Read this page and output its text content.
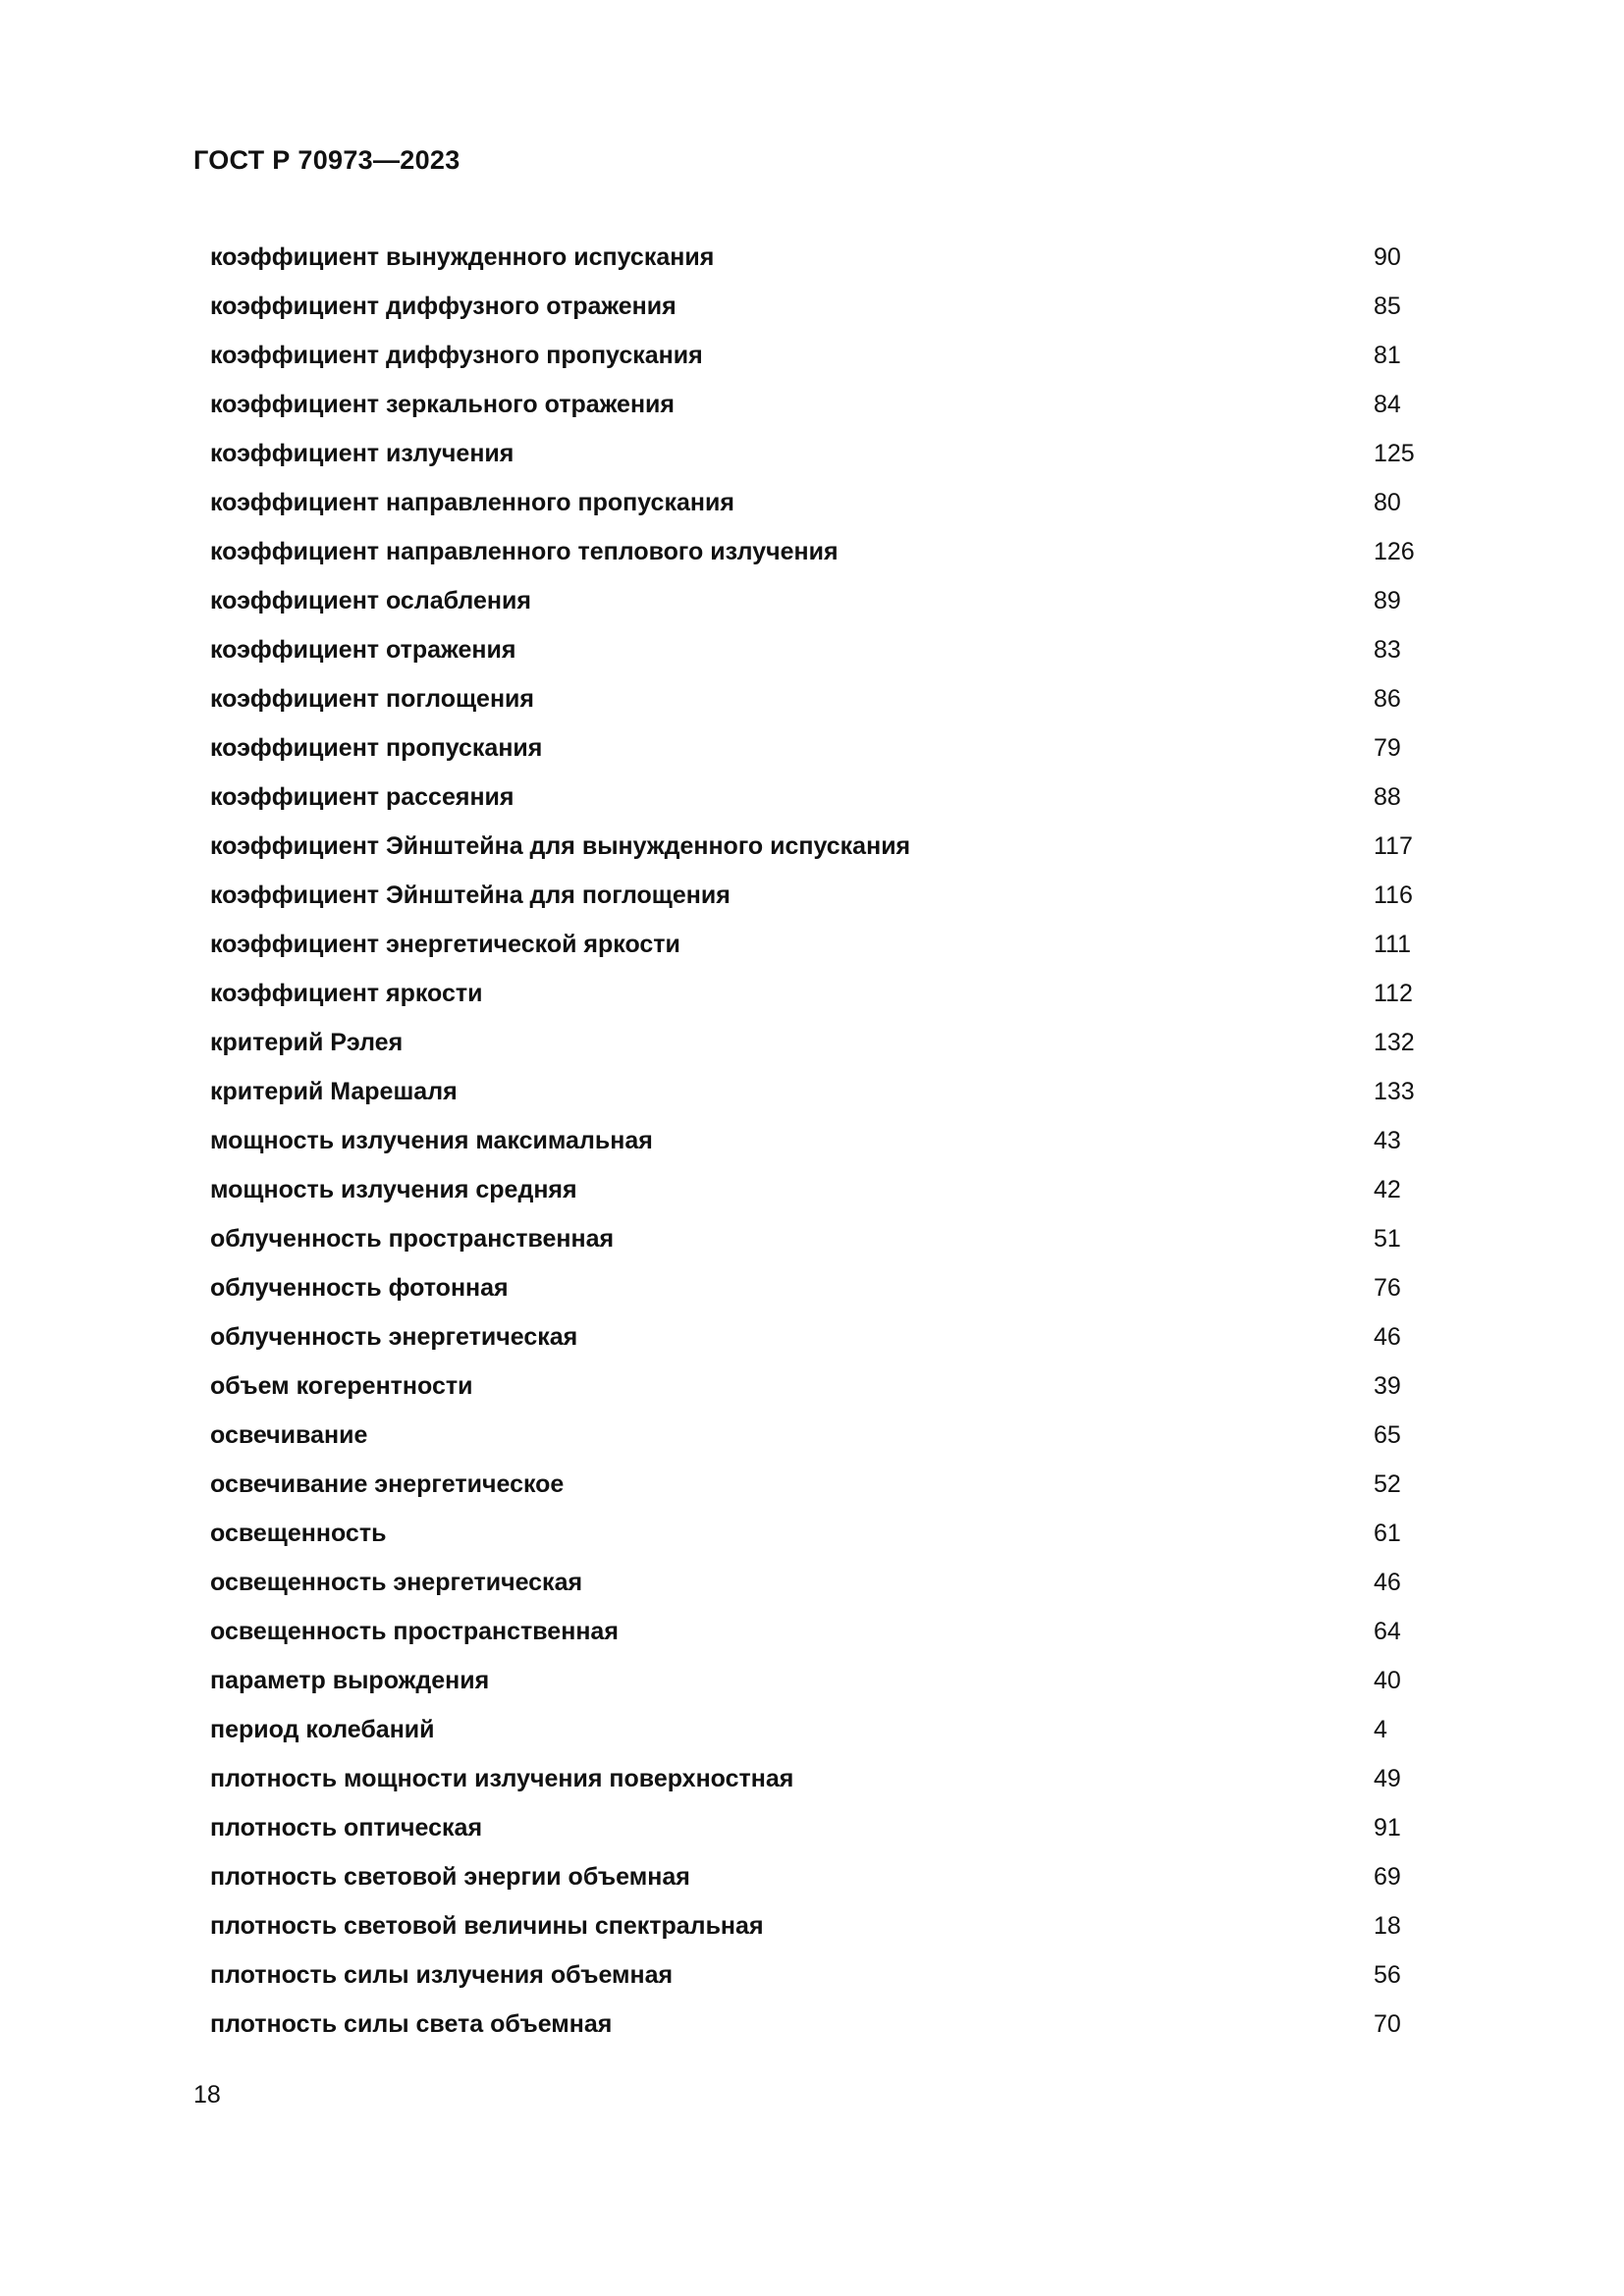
ГОСТ Р 70973—2023
коэффициент вынужденного испускания	90
коэффициент диффузного отражения	85
коэффициент диффузного пропускания	81
коэффициент зеркального отражения	84
коэффициент излучения	125
коэффициент направленного пропускания	80
коэффициент направленного теплового излучения	126
коэффициент ослабления	89
коэффициент отражения	83
коэффициент поглощения	86
коэффициент пропускания	79
коэффициент рассеяния	88
коэффициент Эйнштейна для вынужденного испускания	117
коэффициент Эйнштейна для поглощения	116
коэффициент энергетической яркости	111
коэффициент яркости	112
критерий Рэлея	132
критерий Марешаля	133
мощность излучения максимальная	43
мощность излучения средняя	42
облученность пространственная	51
облученность фотонная	76
облученность энергетическая	46
объем когерентности	39
освечивание	65
освечивание энергетическое	52
освещенность	61
освещенность энергетическая	46
освещенность пространственная	64
параметр вырождения	40
период колебаний	4
плотность мощности излучения поверхностная	49
плотность оптическая	91
плотность световой энергии объемная	69
плотность световой величины спектральная	18
плотность силы излучения объемная	56
плотность силы света объемная	70
18
